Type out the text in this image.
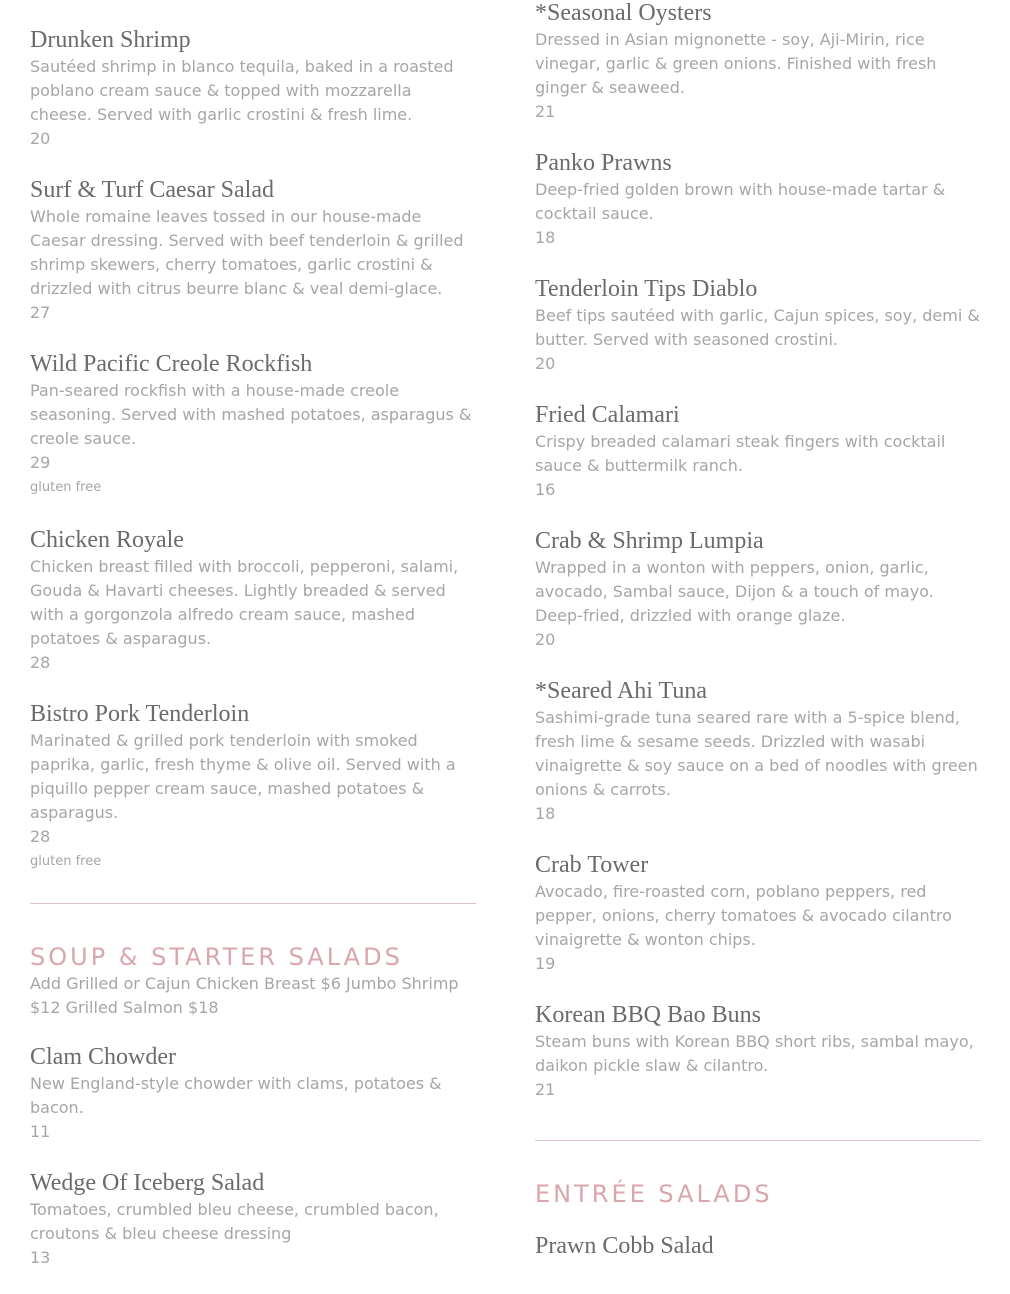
Drunken Shrimp

Sautéed shrimp in blanco tequila, baked in a roasted poblano cream sauce & topped with mozzarella cheese. Served with garlic crostini & fresh lime.

20
Surf & Turf Caesar Salad

Whole romaine leaves tossed in our house-made Caesar dressing. Served with beef tenderloin & grilled shrimp skewers, cherry tomatoes, garlic crostini & drizzled with citrus beurre blanc & veal demi-glace.

27
Wild Pacific Creole Rockfish

Pan-seared rockfish with a house-made creole seasoning. Served with mashed potatoes, asparagus & creole sauce.

29
gluten free
Chicken Royale

Chicken breast filled with broccoli, pepperoni, salami, Gouda & Havarti cheeses. Lightly breaded & served with a gorgonzola alfredo cream sauce, mashed potatoes & asparagus.

28
Bistro Pork Tenderloin

Marinated & grilled pork tenderloin with smoked paprika, garlic, fresh thyme & olive oil. Served with a piquillo pepper cream sauce, mashed potatoes & asparagus.

28
gluten free
SOUP & STARTER SALADS
Add Grilled or Cajun Chicken Breast $6 Jumbo Shrimp $12 Grilled Salmon $18
Clam Chowder

New England-style chowder with clams, potatoes & bacon.

11
Wedge Of Iceberg Salad

Tomatoes, crumbled bleu cheese, crumbled bacon, croutons & bleu cheese dressing

13
*Seasonal Oysters

Dressed in Asian mignonette - soy, Aji-Mirin, rice vinegar, garlic & green onions. Finished with fresh ginger & seaweed.

21
Panko Prawns

Deep-fried golden brown with house-made tartar & cocktail sauce.

18
Tenderloin Tips Diablo

Beef tips sautéed with garlic, Cajun spices, soy, demi & butter. Served with seasoned crostini.

20
Fried Calamari

Crispy breaded calamari steak fingers with cocktail sauce & buttermilk ranch.

16
Crab & Shrimp Lumpia

Wrapped in a wonton with peppers, onion, garlic, avocado, Sambal sauce, Dijon & a touch of mayo. Deep-fried, drizzled with orange glaze.

20
*Seared Ahi Tuna

Sashimi-grade tuna seared rare with a 5-spice blend, fresh lime & sesame seeds. Drizzled with wasabi vinaigrette & soy sauce on a bed of noodles with green onions & carrots.

18
Crab Tower

Avocado, fire-roasted corn, poblano peppers, red pepper, onions, cherry tomatoes & avocado cilantro vinaigrette & wonton chips.

19
Korean BBQ Bao Buns

Steam buns with Korean BBQ short ribs, sambal mayo, daikon pickle slaw & cilantro.

21
ENTRÉE SALADS
Prawn Cobb Salad
